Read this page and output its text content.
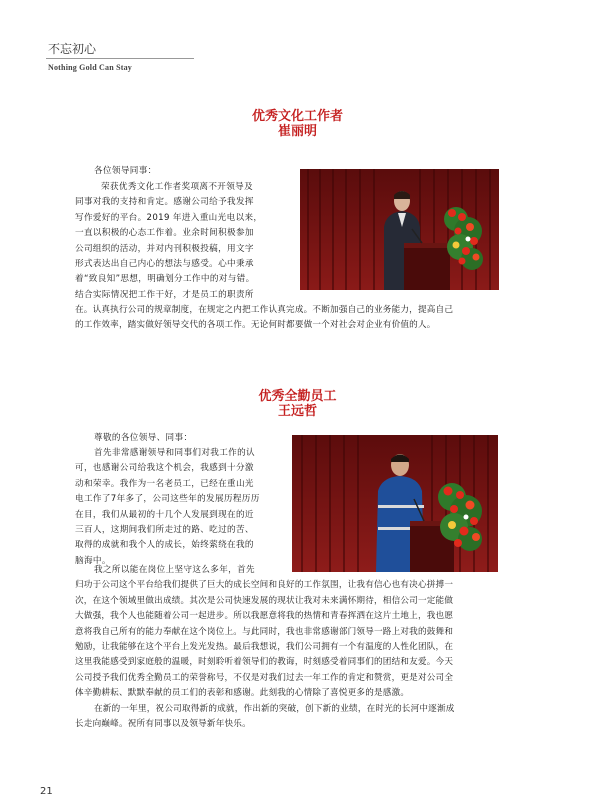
不忘初心
Nothing Gold Can Stay
优秀文化工作者
崔丽明

各位领导同事：

荣获优秀文化工作者奖项离不开领导及

同事对我的支持和肯定。感谢公司给予我发挥

写作爱好的平台。2019 年进入重山光电以来，

一直以积极的心态工作着。业余时间积极参加

公司组织的活动，并对内刊积极投稿，用文字

形式表达出自己内心的想法与感受。心中秉承

着“致良知”思想，明确划分工作中的对与错。

结合实际情况把工作干好，才是员工的职责所

在。认真执行公司的规章制度，在规定之内把工作认真完成。不断加强自己的业务能力，提高自己

的工作效率，踏实做好领导交代的各项工作。无论何时都要做一个对社会对企业有价值的人。

优秀全勤员工
王远哲

尊敬的各位领导、同事：

首先非常感谢领导和同事们对我工作的认

可，也感谢公司给我这个机会，我感到十分激

动和荣幸。我作为一名老员工，已经在重山光

电工作了7年多了，公司这些年的发展历程历历

在目，我们从最初的十几个人发展到现在的近

三百人，这期间我们所走过的路、吃过的苦、

取得的成就和我个人的成长，始终萦绕在我的

脑海中。

我之所以能在岗位上坚守这么多年，首先

归功于公司这个平台给我们提供了巨大的成长空间和良好的工作氛围，让我有信心也有决心拼搏一

次，在这个领域里做出成绩。其次是公司快速发展的现状让我对未来满怀期待，相信公司一定能做

大做强，我个人也能随着公司一起进步。所以我愿意将我的热情和青春挥洒在这片土地上，我也愿

意将我自己所有的能力奉献在这个岗位上。与此同时，我也非常感谢部门领导一路上对我的鼓舞和

勉励，让我能够在这个平台上发光发热。最后我想说，我们公司拥有一个有温度的人性化团队，在

这里我能感受到家庭般的温暖，时刻聆听着领导们的教诲，时刻感受着同事们的团结和友爱。今天

公司授予我们优秀全勤员工的荣誉称号，不仅是对我们过去一年工作的肯定和赞赏，更是对公司全

体辛勤耕耘、默默奉献的员工们的表彰和感谢。此刻我的心情除了喜悦更多的是感激。

在新的一年里，祝公司取得新的成就，作出新的突破，创下新的业绩，在时光的长河中逐渐成

长走向巅峰。祝所有同事以及领导新年快乐。

21
